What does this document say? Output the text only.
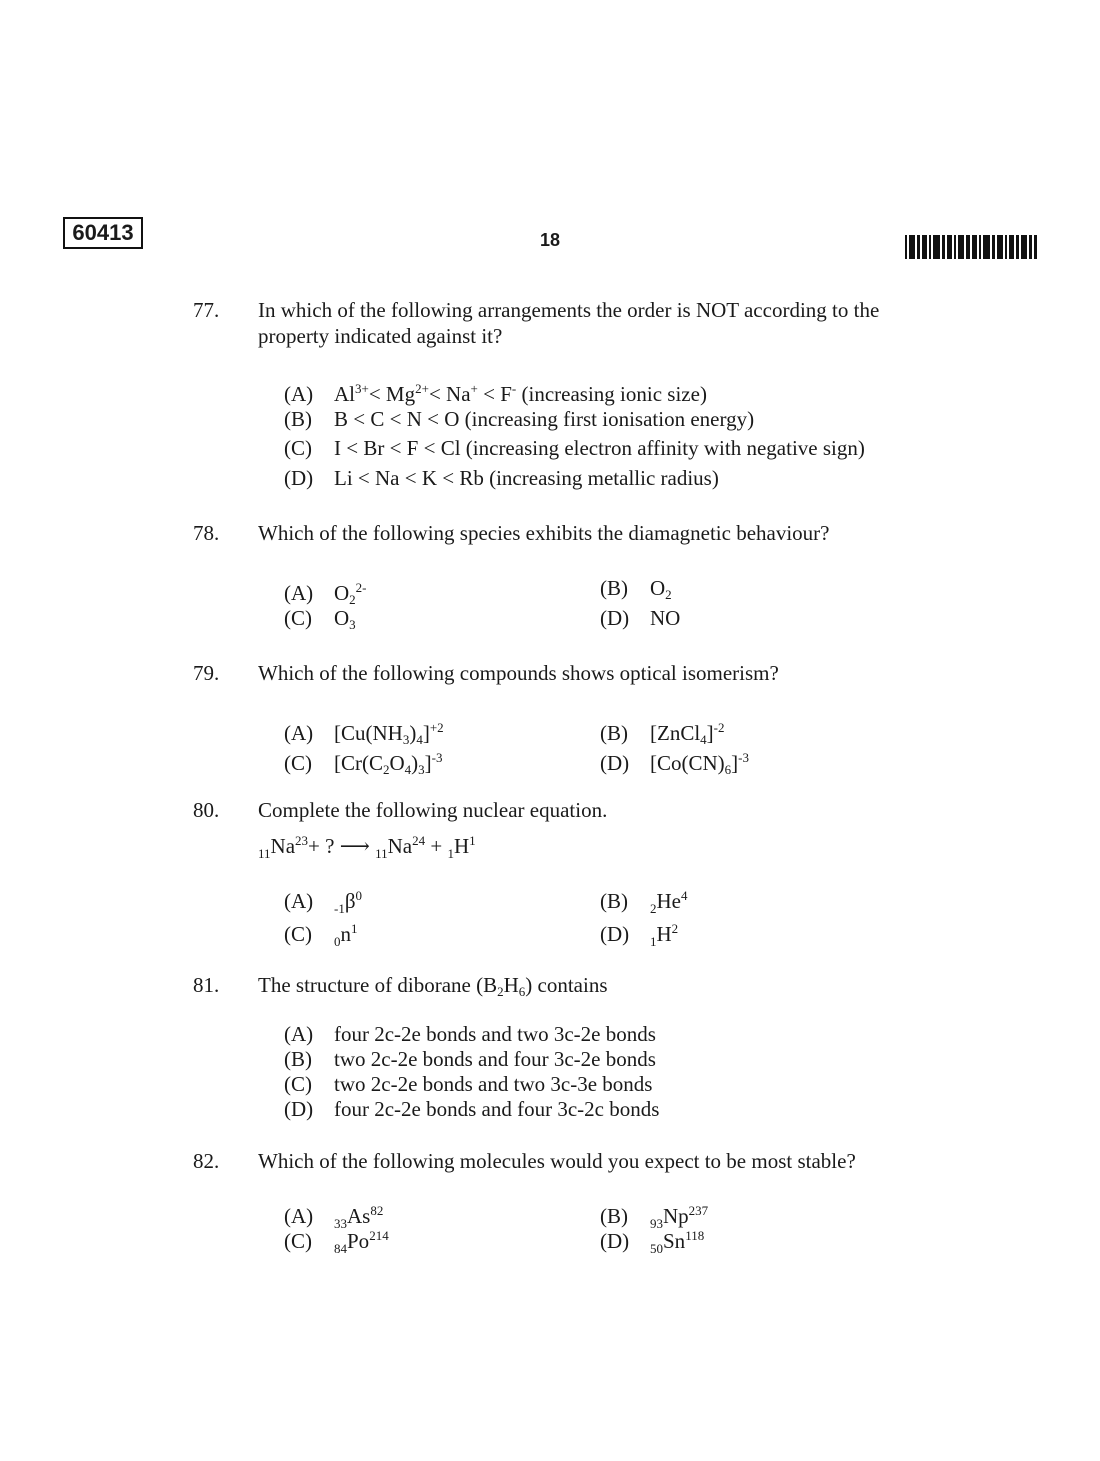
60413	18
77. In which of the following arrangements the order is NOT according to the property indicated against it?
(A) $Al^{3+}< Mg^{2+}< Na^+ < F^-$ (increasing ionic size)
(B) B < C < N < O (increasing first ionisation energy)
(C) I < Br < F < Cl (increasing electron affinity with negative sign)
(D) Li < Na < K < Rb (increasing metallic radius)
78. Which of the following species exhibits the diamagnetic behaviour?
(A) $O_2^{2-}$	(B) $O_2$
(C) $O_3$	(D) NO
79. Which of the following compounds shows optical isomerism?
(A) $[Cu(NH_3)_4]^{+2}$	(B) [ZnCl$_4$]$^{-2}$
(C) $[Cr(C_2O_4)_3]^{-3}$	(D) $[Co(CN)_6]^{-3}$
80. Complete the following nuclear equation.
$_{11}Na^{23}+$ ? ⟶ $_{11}Na^{24} + _1H^1$
(A) $_{-1}\beta^0$	(B) $_2He^4$
(C) $_0n^1$	(D) $_1H^2$
81. The structure of diborane $(B_2H_6)$ contains
(A) four 2c-2e bonds and two 3c-2e bonds
(B) two 2c-2e bonds and four 3c-2e bonds
(C) two 2c-2e bonds and two 3c-3e bonds
(D) four 2c-2e bonds and four 3c-2c bonds
82. Which of the following molecules would you expect to be most stable?
(A) $_{33}As^{82}$	(B) $_{93}Np^{237}$
(C) $_{84}Po^{214}$	(D) $_{50}Sn^{118}$
